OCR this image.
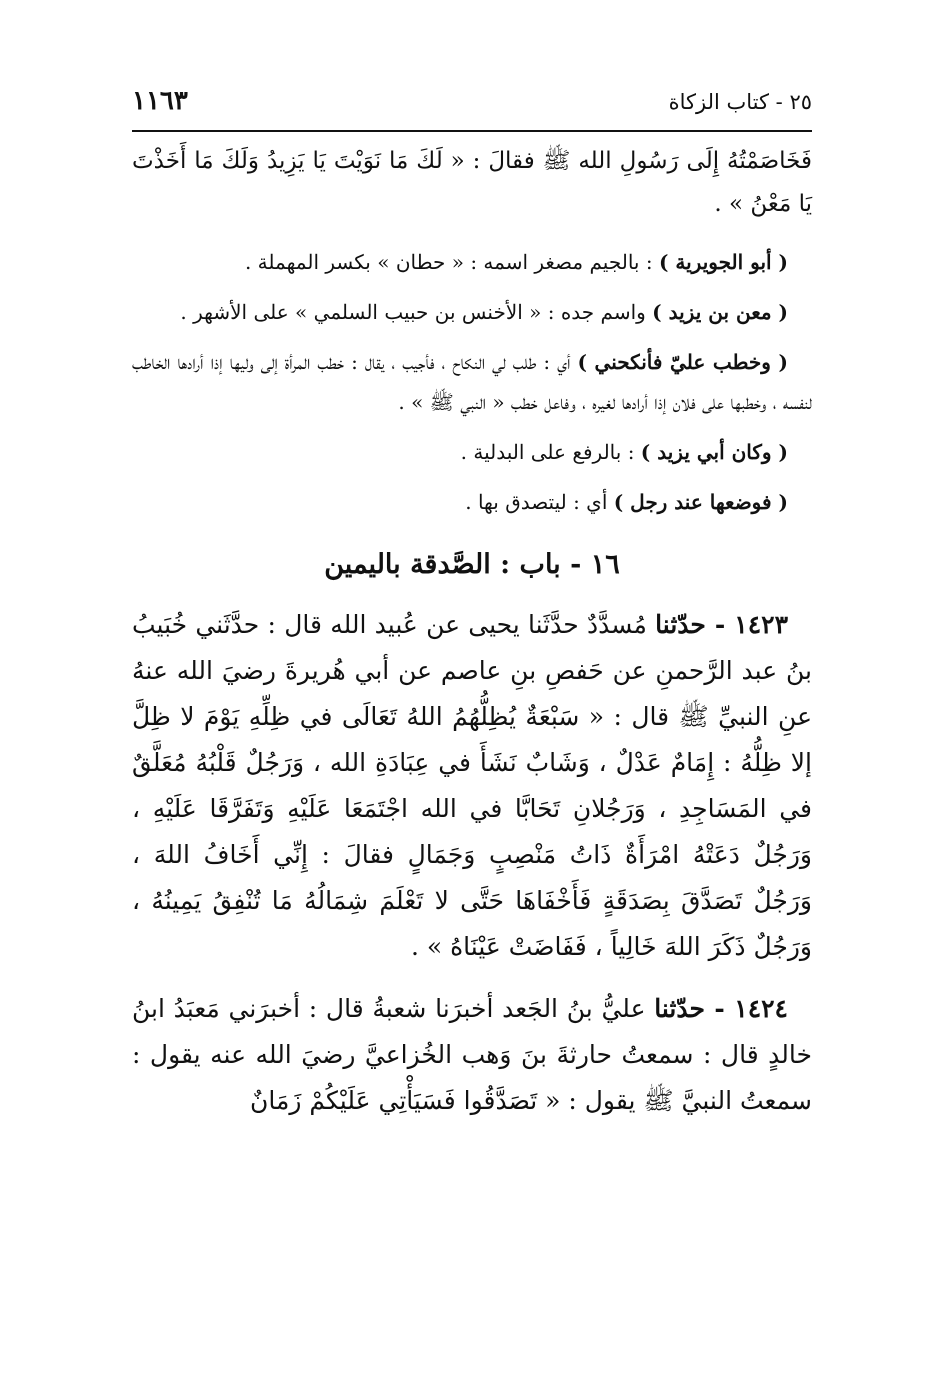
٢٥ - كتاب الزكاة
١١٦٣

فَخَاصَمْتُهُ إِلَى رَسُولِ الله ﷺ فقالَ : « لَكَ مَا نَوَيْتَ يَا يَزِيدُ وَلَكَ مَا أَخَذْتَ يَا مَعْنُ » .

( أبو الجويرية ) : بالجيم مصغر اسمه : « حطان » بكسر المهملة .

( معن بن يزيد ) واسم جده : « الأخنس بن حبيب السلمي » على الأشهر .

( وخطب عليّ فأنكحني ) أي : طلب لي النكاح ، فأجيب ، يقال : خطب المرأة إلى وليها إذا أرادها الخاطب لنفسه ، وخطبها على فلان إذا أرادها لغيره ، وفاعل خطب « النبي ﷺ » .

( وكان أبي يزيد ) : بالرفع على البدلية .

( فوضعها عند رجل ) أي : ليتصدق بها .

١٦ - باب : الصَّدقة باليمين

١٤٢٣ - حدّثنا مُسدَّدٌ حدَّثَنا يحيى عن عُبيد الله قال : حدَّثَني خُبَيبُ بنُ عبد الرَّحمنِ عن حَفصِ بنِ عاصم عن أبي هُريرةَ رضيَ الله عنهُ عنِ النبيِّ ﷺ قال : « سَبْعَةٌ يُظِلُّهُمُ اللهُ تَعَالَى في ظِلِّهِ يَوْمَ لا ظِلَّ إلا ظِلُّهُ : إِمَامٌ عَدْلٌ ، وَشَابٌ نَشَأَ في عِبَادَةِ الله ، وَرَجُلٌ قَلْبُهُ مُعَلَّقٌ في المَسَاجِدِ ، وَرَجُلانِ تَحَابَّا في الله اجْتَمَعَا عَلَيْهِ وَتَفَرَّقَا عَلَيْهِ ، وَرَجُلٌ دَعَتْهُ امْرَأَةٌ ذَاتُ مَنْصِبٍ وَجَمَالٍ فقالَ : إِنِّي أَخَافُ اللهَ ، وَرَجُلٌ تَصَدَّقَ بِصَدَقَةٍ فَأَخْفَاهَا حَتَّى لا تَعْلَمَ شِمَالُهُ مَا تُنْفِقُ يَمِينُهُ ، وَرَجُلٌ ذَكَرَ اللهَ خَالِياً ، فَفَاضَتْ عَيْنَاهُ » .

١٤٢٤ - حدّثنا عليُّ بنُ الجَعد أخبرَنا شعبةُ قال : أخبرَني مَعبَدُ ابنُ خالدٍ قال : سمعتُ حارثةَ بنَ وَهب الخُزاعيَّ رضيَ الله عنه يقول : سمعتُ النبيَّ ﷺ يقول : « تَصَدَّقُوا فَسَيَأْتِي عَلَيْكُمْ زَمَانٌ
